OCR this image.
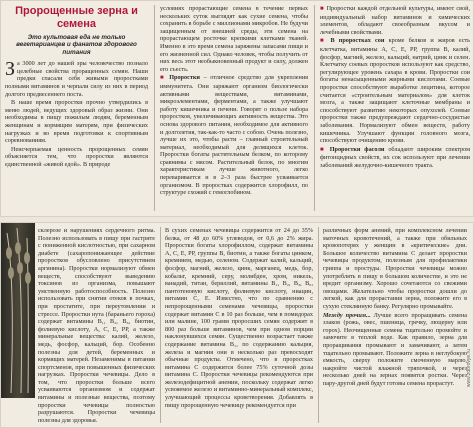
Пророщенные зерна и семена
Это культовая еда не только вегетарианцев и фанатов здорового питания
З а 3000 лет до нашей эры человечество познало целебные свойства проращенных семян. Наши предки спасали себя живыми проростками полными витаминов и черпали силу из них в период долгого предвесеннего поста.

В наше время проростки прочно утвердились в меню людей, ведущих здоровый образ жизни. Они необходимы в пищу пожилым людям, беременным женщинам и кормящим матерям, при физических нагрузках и во время подготовки к спортивным соревнованиям.

Неисчерпаемая ценность пророщенных семян объясняется тем, что проростки являются единственной «живой едой». В природе

условиях прорастающие семена в течение первых нескольких суток выглядят как сухие семена, чтобы сохранить в борьбе с миллионами микробов. Не будучи защищенным от внешней среды, эти семена на прорастающем росточке крепкими клетками тканей. Именно в это время семена заряжены запасами пищи и его жизненной сил. Однако человек, чтобы получить от них весь этот необыкновенный продукт и силу, должен его съесть.

■ Проростки – отличное средство для укрепления иммунитета. Они заряжают организм биологически активными веществами, витаминами, микроэлементами, ферментами, а также улучшают работу кишечника и печени. Говорят о пользе набора проростков, увеличивающих активность вещества. Это основа здорового питания, необходимое для активного и долголетия, так-как-то часто с собою. Очень полезно, лучше их это, чтобы расти – главный строительный материал, необходимый для делящихся клеток. Проростки богаты растительным белком, по которому сравнимы с мясом. Растительный белок, по многим характеристикам лучше животного, легко переваривается и в 2–3 раза быстрее усваивается организмом. В проростках содержится хлорофилл, по структуре схожий с гемоглобином.

■ Проростки каждой отдельной культуры, имеют свой, индивидуальный набор витаминов и химических элементов, обладают своеобразным вкусом и лечебными свойствами.

■ В проростках сои кроме белков и жиров есть клетчатка, витамины А, С, Е, РР, группа В, калий, фосфор, магний, железо, кальций, натрий, цинк и селен. Клетчатку соевых проростков используют как средство, регулирующее уровень сахара в крови. Проростки сои богаты ненасыщенными жирными кислотами. Соевые проростки способствуют выработке лецитина, которое считается «строительным материалом» для клеток мозга, а также защищают клеточные мембраны и способствуют развитию некоторых опухолей. Соевые проростки также предупреждают сердечно-сосудистые заболевания. Нормализуют обмен веществ, работу кишечника. Улучшают функции головного мозга, способствуют очищению крови.

■ Проростки фасоли обладают широким спектром фитонцидных свойств, их сок используют при лечении заболеваний желудочно-кишечного тракта.

склерозе и нарушениях сердечного ритма. Полезно использовать в пищу при гастрите с пониженной кислотностью, при сахарном диабете (сахаропонижающее действие проростков обусловлено присутствием аргинина). Проростки нормализуют обмен веществ, способствуют выведению токсинов из организма, повышают умственную работоспособность. Полезно использовать при снятии отеков в почках, при простатите, при переутомлении и стрессе. Проростки нута (бараньего гороха) содержат витамины В₁, В₂, В₆, биотин, фолиевую кислоту, А, С, Е, РР, а также минеральные вещества: калий, железо, медь, фосфор, кальций, бор. Особенно полезны для детей, беременных и кормящих матерей. Незаменимы в питании спортсменов, при повышенных физических нагрузках. Проростки чечевицы. Дело в том, что проростки больше всего усваиваются организмом и содержат витамины и полезные вещества, поэтому проростки чечевицы полностью разрушаются. Проростки чечевицы полезны для здоровья.

В сухих семенах чечевицы содержится от 24 до 35% белка, от 48 до 60% углеводов, от 0,6 до 2% жира. Проростки богаты хлорофиллом, содержат витамины А, С, Е, РР, группы В, биотин, а также богаты цинком, кремнием, медью, селеном. Содержат калий, кальций, фосфор, магний, железо, цинк, марганец, медь, бор, кобальт, кремний, серу, молибден, хром, никель, ванадий, титан, бериллий, витамины В₁, В₂, В₃, В₆, пантотеновую кислоту, фолиевую кислоту, ниацин, витамин С, Е. Известно, что по сравнению с непророщенными семенами чечевицы, проростки содержат витамин С в 10 раз больше, чем в помидорах или малине, 100 грамм проросших семян содержит в 800 раз больше витаминов, чем при одном порции наклонувшихся семян. Существенно возрастает также содержание витамина В₁, по содержанию кальция, железа и магния они в несколько раз превосходят обычные продукты. Отмечено, что в проростках витамина С содержится более 75% суточной дозы витамина С. Проростки чечевицы рекомендуются при железодефицитной анемии, поскольку содержат легко усвояемое железо и витаминно-минеральный комплекс, улучшающий процессы кроветворения. Добавлять в пищу пророщенную чечевицу рекомендуется при

различных форм анемий, при комплексном лечении маточных кровотечений, а также при обильных кровопотерях у женщин в «критические» дни. Большое количество витамина С делает проростки чечевицы продуктом, полезным для профилактики гриппа и простуды. Проростки чечевицы можно употреблять в пищу в большом количестве, и это не вредит организму. Хорошо сочетаются со свежими овощами. Желательно чтобы проростки дошли до легкой, как для прорастания зерна, положите его в сухую стеклянную банку. Регулярно промывайте.

Между прочим... Лучше всего проращивать семена злаков (рожь, овес, пшеница, гречку, люцерну или горох). Неочищенные семена тщательно промойте и замочите в теплой воде. Как правило, зерна для проращивания промывают и замачивают, а затем тщательно промывают. Положите зерна в неглубокую емкость, сверху положите смоченную марлю, накройте чистой влажной тряпочкой, и через несколько дней на зернах появятся ростки. Через пару-другой дней будут готовы семена прорастут.	www.zdorovye.ru
